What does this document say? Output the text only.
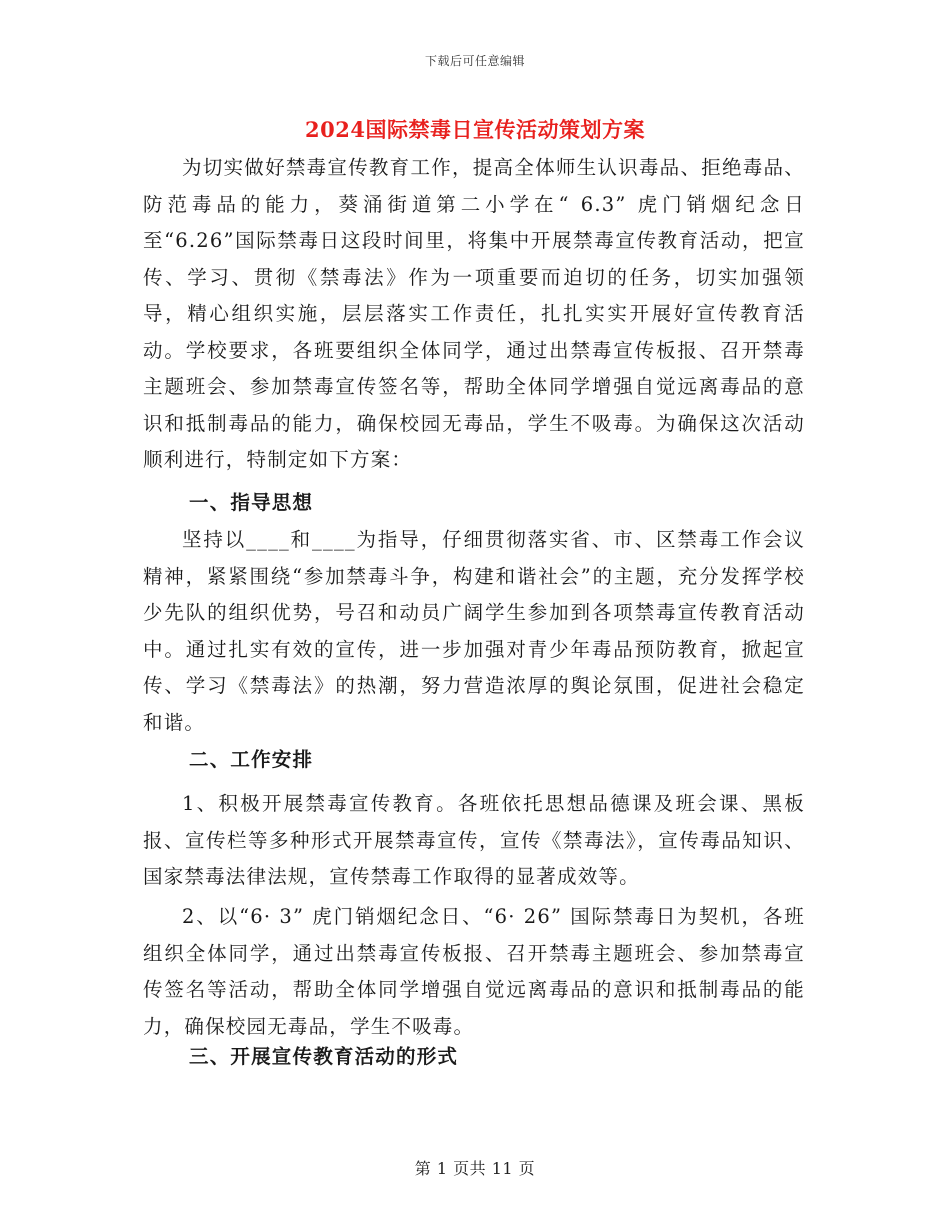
下载后可任意编辑
2024国际禁毒日宣传活动策划方案

为切实做好禁毒宣传教育工作，提高全体师生认识毒品、拒绝毒品、防范毒品的能力，葵涌街道第二小学在“ 6.3” 虎门销烟纪念日至“6.26”国际禁毒日这段时间里，将集中开展禁毒宣传教育活动，把宣传、学习、贯彻《禁毒法》作为一项重要而迫切的任务，切实加强领导，精心组织实施，层层落实工作责任，扎扎实实开展好宣传教育活动。学校要求，各班要组织全体同学，通过出禁毒宣传板报、召开禁毒主题班会、参加禁毒宣传签名等，帮助全体同学增强自觉远离毒品的意识和抵制毒品的能力，确保校园无毒品，学生不吸毒。为确保这次活动顺利进行，特制定如下方案：

一、指导思想

坚持以____和____为指导，仔细贯彻落实省、市、区禁毒工作会议精神，紧紧围绕“参加禁毒斗争，构建和谐社会”的主题，充分发挥学校少先队的组织优势，号召和动员广阔学生参加到各项禁毒宣传教育活动中。通过扎实有效的宣传，进一步加强对青少年毒品预防教育，掀起宣传、学习《禁毒法》的热潮，努力营造浓厚的舆论氛围，促进社会稳定和谐。

二、工作安排

1、积极开展禁毒宣传教育。各班依托思想品德课及班会课、黑板报、宣传栏等多种形式开展禁毒宣传，宣传《禁毒法》，宣传毒品知识、国家禁毒法律法规，宣传禁毒工作取得的显著成效等。

2、以“6· 3” 虎门销烟纪念日、“6· 26” 国际禁毒日为契机，各班组织全体同学，通过出禁毒宣传板报、召开禁毒主题班会、参加禁毒宣传签名等活动，帮助全体同学增强自觉远离毒品的意识和抵制毒品的能力，确保校园无毒品，学生不吸毒。

三、开展宣传教育活动的形式
第 1 页共 11 页
